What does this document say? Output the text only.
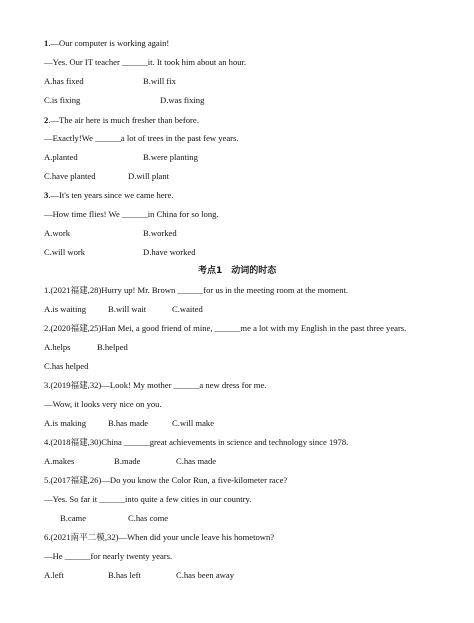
1.—Our computer is working again!
—Yes. Our IT teacher ______it. It took him about an hour.
A.has fixed	B.will fix
C.is fixing	D.was fixing
2.—The air here is much fresher than before.
—Exactly!We ______a lot of trees in the past few years.
A.planted	B.were planting
C.have planted	D.will plant
3.—It's ten years since we came here.
—How time flies! We ______in China for so long.
A.work	B.worked
C.will work	D.have worked
考点1　动词的时态
1.(2021福建,28)Hurry up! Mr. Brown ______for us in the meeting room at the moment.
A.is waiting	B.will wait	C.waited
2.(2020福建,25)Han Mei, a good friend of mine, ______me a lot with my English in the past three years.
A.helps	B.helped
C.has helped
3.(2019福建,32)—Look! My mother ______a new dress for me.
—Wow, it looks very nice on you.
A.is making	B.has made	C.will make
4.(2018福建,30)China ______great achievements in science and technology since 1978.
A.makes	B.made	C.has made
5.(2017福建,26)—Do you know the Color Run, a five-kilometer race?
—Yes. So far it ______into quite a few cities in our country.
B.came	C.has come
6.(2021南平二模,32)—When did your uncle leave his hometown?
—He ______for nearly twenty years.
A.left	B.has left	C.has been away
